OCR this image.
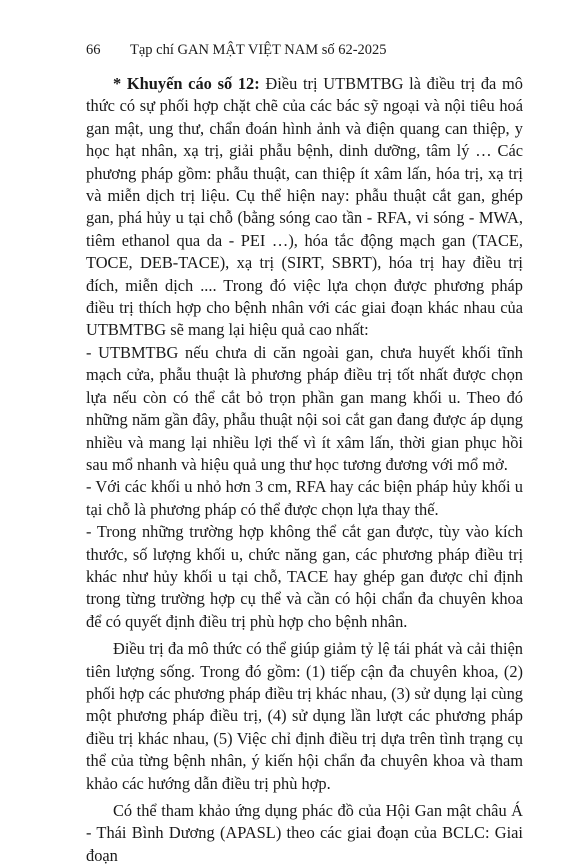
66 Tạp chí GAN MẬT VIỆT NAM số 62-2025

* Khuyến cáo số 12: Điều trị UTBMTBG là điều trị đa mô thức có sự phối hợp chặt chẽ của các bác sỹ ngoại và nội tiêu hoá gan mật, ung thư, chẩn đoán hình ảnh và điện quang can thiệp, y học hạt nhân, xạ trị, giải phẫu bệnh, dinh dưỡng, tâm lý … Các phương pháp gồm: phẫu thuật, can thiệp ít xâm lấn, hóa trị, xạ trị và miễn dịch trị liệu. Cụ thể hiện nay: phẫu thuật cắt gan, ghép gan, phá hủy u tại chỗ (bằng sóng cao tần - RFA, vi sóng - MWA, tiêm ethanol qua da - PEI …), hóa tắc động mạch gan (TACE, TOCE, DEB-TACE), xạ trị (SIRT, SBRT), hóa trị hay điều trị đích, miễn dịch .... Trong đó việc lựa chọn được phương pháp điều trị thích hợp cho bệnh nhân với các giai đoạn khác nhau của UTBMTBG sẽ mang lại hiệu quả cao nhất:

- UTBMTBG nếu chưa di căn ngoài gan, chưa huyết khối tĩnh mạch cửa, phẫu thuật là phương pháp điều trị tốt nhất được chọn lựa nếu còn có thể cắt bỏ trọn phần gan mang khối u. Theo đó những năm gần đây, phẫu thuật nội soi cắt gan đang được áp dụng nhiều và mang lại nhiều lợi thế vì ít xâm lấn, thời gian phục hồi sau mổ nhanh và hiệu quả ung thư học tương đương với mổ mở.

- Với các khối u nhỏ hơn 3 cm, RFA hay các biện pháp hủy khối u tại chỗ là phương pháp có thể được chọn lựa thay thế.

- Trong những trường hợp không thể cắt gan được, tùy vào kích thước, số lượng khối u, chức năng gan, các phương pháp điều trị khác như hủy khối u tại chỗ, TACE hay ghép gan được chỉ định trong từng trường hợp cụ thể và cần có hội chẩn đa chuyên khoa để có quyết định điều trị phù hợp cho bệnh nhân.

Điều trị đa mô thức có thể giúp giảm tỷ lệ tái phát và cải thiện tiên lượng sống. Trong đó gồm: (1) tiếp cận đa chuyên khoa, (2) phối hợp các phương pháp điều trị khác nhau, (3) sử dụng lại cùng một phương pháp điều trị, (4) sử dụng lần lượt các phương pháp điều trị khác nhau, (5) Việc chỉ định điều trị dựa trên tình trạng cụ thể của từng bệnh nhân, ý kiến hội chẩn đa chuyên khoa và tham khảo các hướng dẫn điều trị phù hợp.

Có thể tham khảo ứng dụng phác đồ của Hội Gan mật châu Á - Thái Bình Dương (APASL) theo các giai đoạn của BCLC: Giai đoạn
